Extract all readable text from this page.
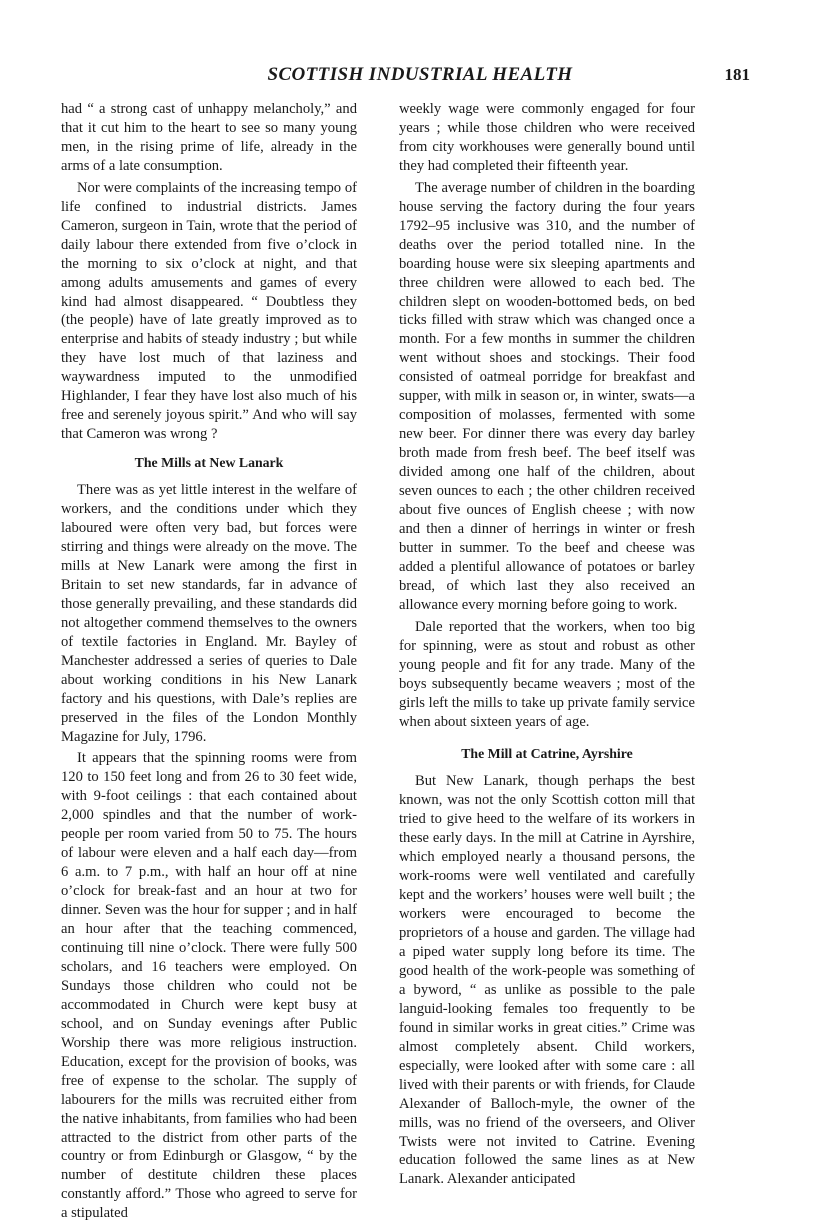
SCOTTISH INDUSTRIAL HEALTH	181

had “ a strong cast of unhappy melancholy,” and that it cut him to the heart to see so many young men, in the rising prime of life, already in the arms of a late consumption.

Nor were complaints of the increasing tempo of life confined to industrial districts. James Cameron, surgeon in Tain, wrote that the period of daily labour there extended from five o’clock in the morning to six o’clock at night, and that among adults amusements and games of every kind had almost disappeared. “ Doubtless they (the people) have of late greatly improved as to enterprise and habits of steady industry ; but while they have lost much of that laziness and waywardness imputed to the unmodified Highlander, I fear they have lost also much of his free and serenely joyous spirit.” And who will say that Cameron was wrong ?

The Mills at New Lanark

There was as yet little interest in the welfare of workers, and the conditions under which they laboured were often very bad, but forces were stirring and things were already on the move. The mills at New Lanark were among the first in Britain to set new standards, far in advance of those generally prevailing, and these standards did not altogether commend themselves to the owners of textile factories in England. Mr. Bayley of Manchester addressed a series of queries to Dale about working conditions in his New Lanark factory and his questions, with Dale’s replies are preserved in the files of the London Monthly Magazine for July, 1796.

It appears that the spinning rooms were from 120 to 150 feet long and from 26 to 30 feet wide, with 9-foot ceilings : that each contained about 2,000 spindles and that the number of work-people per room varied from 50 to 75. The hours of labour were eleven and a half each day—from 6 a.m. to 7 p.m., with half an hour off at nine o’clock for break-fast and an hour at two for dinner. Seven was the hour for supper ; and in half an hour after that the teaching commenced, continuing till nine o’clock. There were fully 500 scholars, and 16 teachers were employed. On Sundays those children who could not be accommodated in Church were kept busy at school, and on Sunday evenings after Public Worship there was more religious instruction. Education, except for the provision of books, was free of expense to the scholar. The supply of labourers for the mills was recruited either from the native inhabitants, from families who had been attracted to the district from other parts of the country or from Edinburgh or Glasgow, “ by the number of destitute children these places constantly afford.” Those who agreed to serve for a stipulated

weekly wage were commonly engaged for four years ; while those children who were received from city workhouses were generally bound until they had completed their fifteenth year.

The average number of children in the boarding house serving the factory during the four years 1792–95 inclusive was 310, and the number of deaths over the period totalled nine. In the boarding house were six sleeping apartments and three children were allowed to each bed. The children slept on wooden-bottomed beds, on bed ticks filled with straw which was changed once a month. For a few months in summer the children went without shoes and stockings. Their food consisted of oatmeal porridge for breakfast and supper, with milk in season or, in winter, swats—a composition of molasses, fermented with some new beer. For dinner there was every day barley broth made from fresh beef. The beef itself was divided among one half of the children, about seven ounces to each ; the other children received about five ounces of English cheese ; with now and then a dinner of herrings in winter or fresh butter in summer. To the beef and cheese was added a plentiful allowance of potatoes or barley bread, of which last they also received an allowance every morning before going to work.

Dale reported that the workers, when too big for spinning, were as stout and robust as other young people and fit for any trade. Many of the boys subsequently became weavers ; most of the girls left the mills to take up private family service when about sixteen years of age.

The Mill at Catrine, Ayrshire

But New Lanark, though perhaps the best known, was not the only Scottish cotton mill that tried to give heed to the welfare of its workers in these early days. In the mill at Catrine in Ayrshire, which employed nearly a thousand persons, the work-rooms were well ventilated and carefully kept and the workers’ houses were well built ; the workers were encouraged to become the proprietors of a house and garden. The village had a piped water supply long before its time. The good health of the work-people was something of a byword, “ as unlike as possible to the pale languid-looking females too frequently to be found in similar works in great cities.” Crime was almost completely absent. Child workers, especially, were looked after with some care : all lived with their parents or with friends, for Claude Alexander of Balloch-myle, the owner of the mills, was no friend of the overseers, and Oliver Twists were not invited to Catrine. Evening education followed the same lines as at New Lanark. Alexander anticipated
